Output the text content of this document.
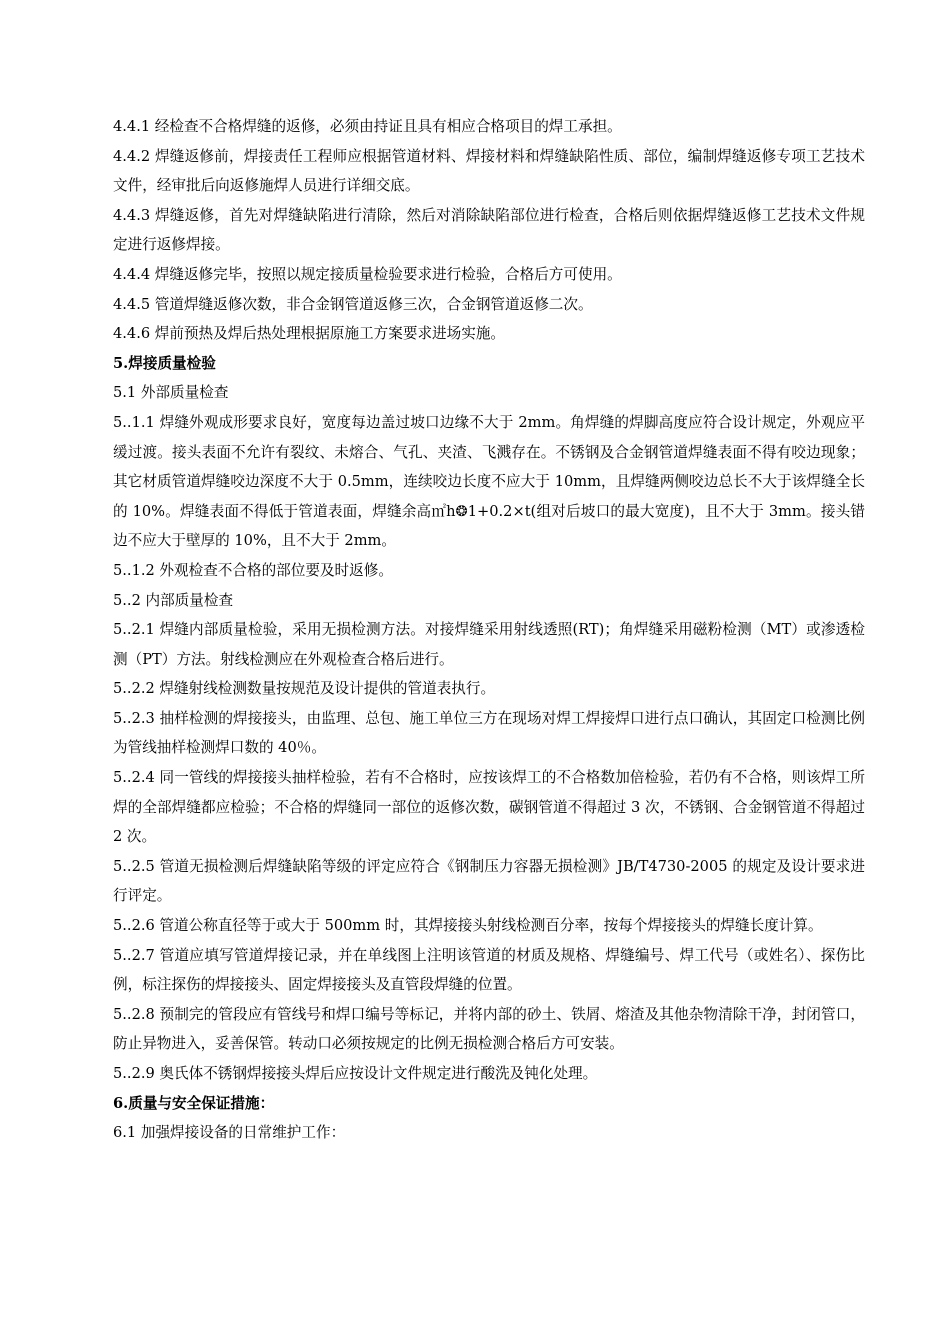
4.4.1 经检查不合格焊缝的返修，必须由持证且具有相应合格项目的焊工承担。

4.4.2 焊缝返修前，焊接责任工程师应根据管道材料、焊接材料和焊缝缺陷性质、部位，编制焊缝返修专项工艺技术文件，经审批后向返修施焊人员进行详细交底。

4.4.3 焊缝返修，首先对焊缝缺陷进行清除，然后对消除缺陷部位进行检查，合格后则依据焊缝返修工艺技术文件规定进行返修焊接。

4.4.4 焊缝返修完毕，按照以规定接质量检验要求进行检验，合格后方可使用。

4.4.5 管道焊缝返修次数，非合金钢管道返修三次，合金钢管道返修二次。

4.4.6 焊前预热及焊后热处理根据原施工方案要求进场实施。

5.焊接质量检验

5.1 外部质量检查

5..1.1 焊缝外观成形要求良好，宽度每边盖过坡口边缘不大于 2mm。角焊缝的焊脚高度应符合设计规定，外观应平缓过渡。接头表面不允许有裂纹、未熔合、气孔、夹渣、飞溅存在。不锈钢及合金钢管道焊缝表面不得有咬边现象；其它材质管道焊缝咬边深度不大于 0.5mm，连续咬边长度不应大于 10mm，且焊缝两侧咬边总长不大于该焊缝全长的 10%。焊缝表面不得低于管道表面，焊缝余高㎡h❂1+0.2×t(组对后坡口的最大宽度)，且不大于 3mm。接头错边不应大于壁厚的 10%，且不大于 2mm。

5..1.2 外观检查不合格的部位要及时返修。

5..2 内部质量检查

5..2.1 焊缝内部质量检验，采用无损检测方法。对接焊缝采用射线透照(RT)；角焊缝采用磁粉检测（MT）或渗透检测（PT）方法。射线检测应在外观检查合格后进行。

5..2.2 焊缝射线检测数量按规范及设计提供的管道表执行。

5..2.3 抽样检测的焊接接头，由监理、总包、施工单位三方在现场对焊工焊接焊口进行点口确认，其固定口检测比例为管线抽样检测焊口数的 40％。

5..2.4 同一管线的焊接接头抽样检验，若有不合格时，应按该焊工的不合格数加倍检验，若仍有不合格，则该焊工所焊的全部焊缝都应检验；不合格的焊缝同一部位的返修次数，碳钢管道不得超过 3 次，不锈钢、合金钢管道不得超过 2 次。

5..2.5 管道无损检测后焊缝缺陷等级的评定应符合《钢制压力容器无损检测》JB/T4730-2005 的规定及设计要求进行评定。

5..2.6 管道公称直径等于或大于 500mm 时，其焊接接头射线检测百分率，按每个焊接接头的焊缝长度计算。

5..2.7 管道应填写管道焊接记录，并在单线图上注明该管道的材质及规格、焊缝编号、焊工代号（或姓名）、探伤比例，标注探伤的焊接接头、固定焊接接头及直管段焊缝的位置。

5..2.8 预制完的管段应有管线号和焊口编号等标记，并将内部的砂土、铁屑、熔渣及其他杂物清除干净，封闭管口，防止异物进入，妥善保管。转动口必须按规定的比例无损检测合格后方可安装。

5..2.9 奥氏体不锈钢焊接接头焊后应按设计文件规定进行酸洗及钝化处理。

6.质量与安全保证措施：

6.1 加强焊接设备的日常维护工作：
